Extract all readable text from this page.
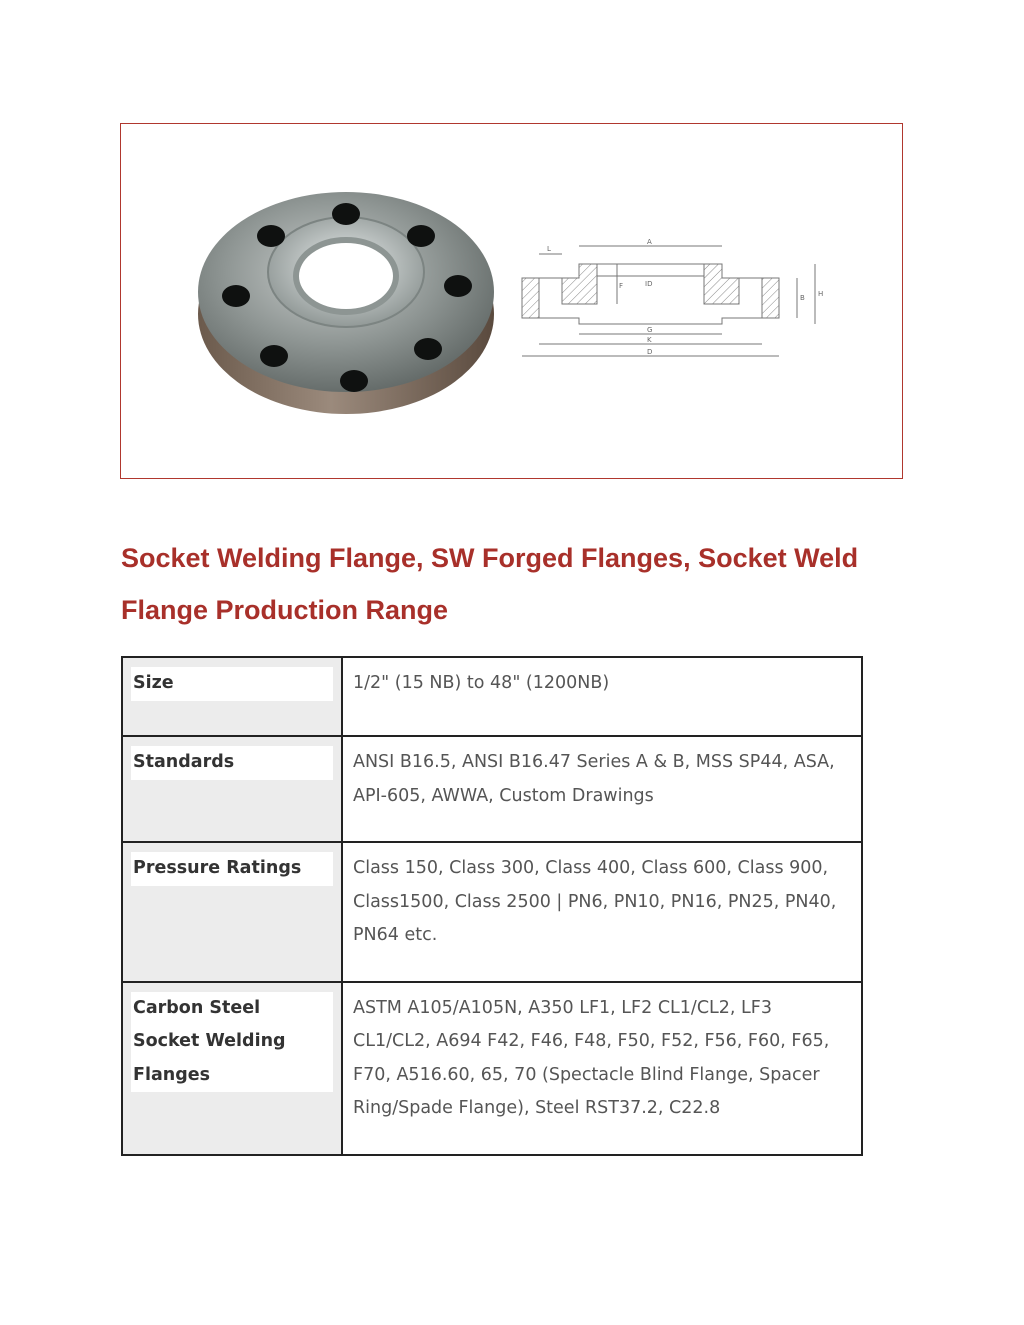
L
A
F	ID
B H
G
K
D
Socket Welding Flange, SW Forged Flanges, Socket Weld Flange Production Range
Size	1/2" (15 NB) to 48" (1200NB)

Standards	ANSI B16.5, ANSI B16.47 Series A & B, MSS SP44, ASA, API-605, AWWA, Custom Drawings

Pressure Ratings	Class 150, Class 300, Class 400, Class 600, Class 900, Class1500, Class 2500 | PN6, PN10, PN16, PN25, PN40, PN64 etc.

Carbon Steel Socket Welding Flanges	ASTM A105/A105N, A350 LF1, LF2 CL1/CL2, LF3 CL1/CL2, A694 F42, F46, F48, F50, F52, F56, F60, F65, F70, A516.60, 65, 70 (Spectacle Blind Flange, Spacer Ring/Spade Flange), Steel RST37.2, C22.8
